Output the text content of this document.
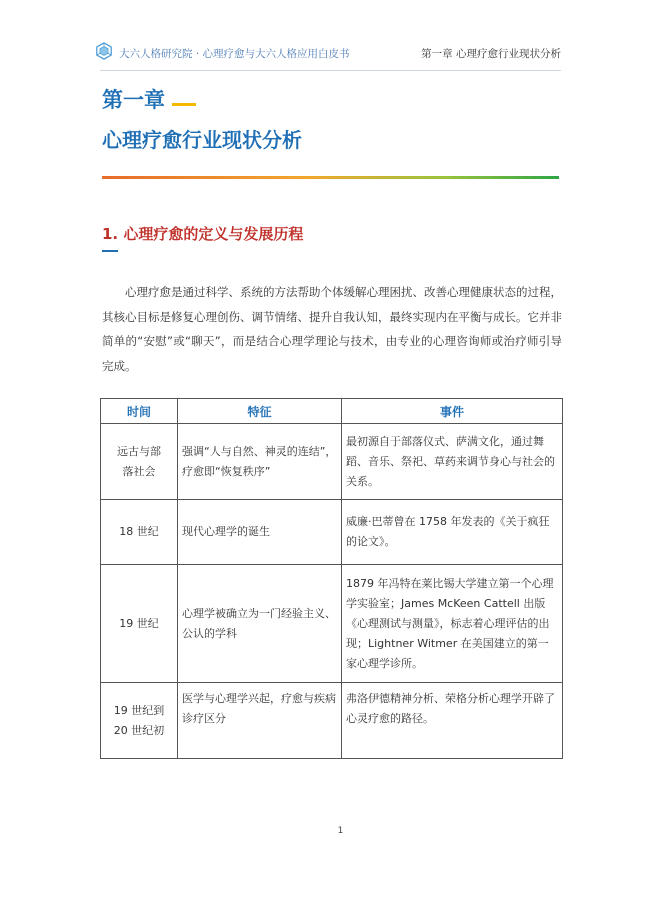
大六人格研究院 · 心理疗愈与大六人格应用白皮书	第一章 心理疗愈行业现状分析
第一章
心理疗愈行业现状分析
1. 心理疗愈的定义与发展历程
心理疗愈是通过科学、系统的方法帮助个体缓解心理困扰、改善心理健康状态的过程，其核心目标是修复心理创伤、调节情绪、提升自我认知，最终实现内在平衡与成长。它并非简单的“安慰”或“聊天”，而是结合心理学理论与技术，由专业的心理咨询师或治疗师引导完成。
时间	特征	事件
远古与部落社会	强调“人与自然、神灵的连结”，疗愈即“恢复秩序”	最初源自于部落仪式、萨满文化，通过舞蹈、音乐、祭祀、草药来调节身心与社会的关系。
18 世纪	现代心理学的诞生	威廉·巴蒂曾在 1758 年发表的《关于疯狂的论文》。
19 世纪	心理学被确立为一门经验主义、公认的学科	1879 年冯特在莱比锡大学建立第一个心理学实验室；James McKeen Cattell 出版《心理测试与测量》，标志着心理评估的出现；Lightner Witmer 在美国建立的第一家心理学诊所。
19 世纪到 20 世纪初	医学与心理学兴起，疗愈与疾病诊疗区分	弗洛伊德精神分析、荣格分析心理学开辟了心灵疗愈的路径。
1
